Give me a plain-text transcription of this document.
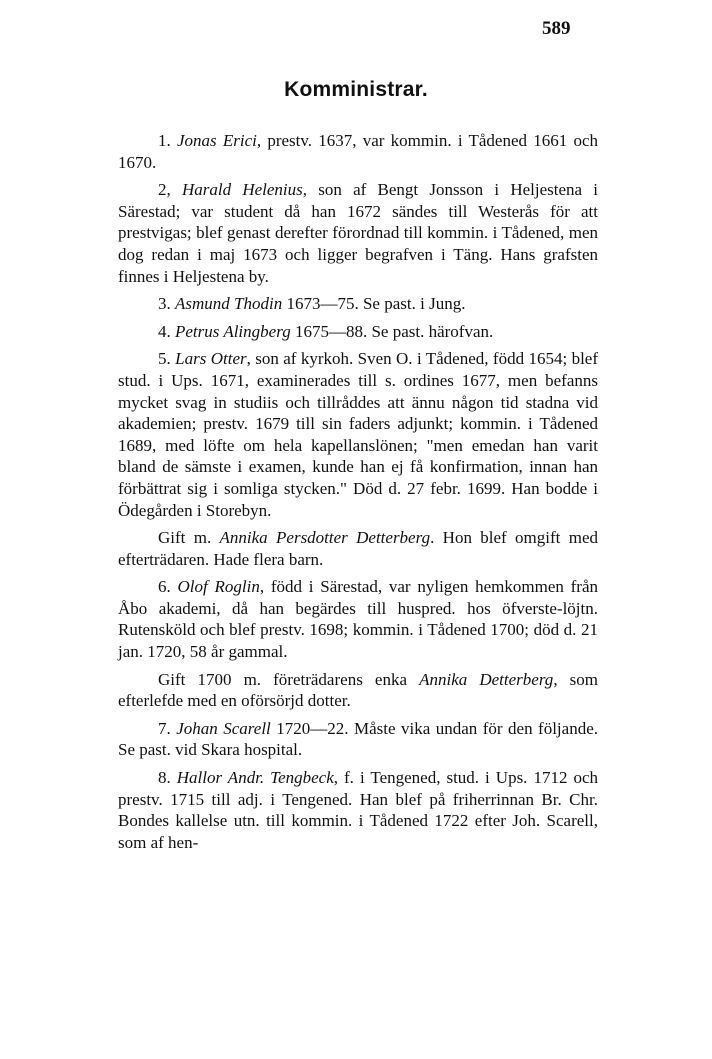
589
Komministrar.

1. Jonas Erici, prestv. 1637, var kommin. i Tådened 1661 och 1670.

2, Harald Helenius, son af Bengt Jonsson i Heljestena i Särestad; var student då han 1672 sändes till Westerås för att prestvigas; blef genast derefter förordnad till kommin. i Tådened, men dog redan i maj 1673 och ligger begrafven i Täng. Hans grafsten finnes i Heljestena by.

3. Asmund Thodin 1673—75. Se past. i Jung.

4. Petrus Alingberg 1675—88. Se past. härofvan.

5. Lars Otter, son af kyrkoh. Sven O. i Tådened, född 1654; blef stud. i Ups. 1671, examinerades till s. ordines 1677, men befanns mycket svag in studiis och tillråddes att ännu någon tid stadna vid akademien; prestv. 1679 till sin faders adjunkt; kommin. i Tådened 1689, med löfte om hela kapellanslönen; "men emedan han varit bland de sämste i examen, kunde han ej få konfirmation, innan han förbättrat sig i somliga stycken." Död d. 27 febr. 1699. Han bodde i Ödegården i Storebyn.

Gift m. Annika Persdotter Detterberg. Hon blef omgift med efterträdaren. Hade flera barn.

6. Olof Roglin, född i Särestad, var nyligen hemkommen från Åbo akademi, då han begärdes till huspred. hos öfverste-löjtn. Rutensköld och blef prestv. 1698; kommin. i Tådened 1700; död d. 21 jan. 1720, 58 år gammal.

Gift 1700 m. företrädarens enka Annika Detterberg, som efterlefde med en oförsörjd dotter.

7. Johan Scarell 1720—22. Måste vika undan för den följande. Se past. vid Skara hospital.

8. Hallor Andr. Tengbeck, f. i Tengened, stud. i Ups. 1712 och prestv. 1715 till adj. i Tengened. Han blef på friherrinnan Br. Chr. Bondes kallelse utn. till kommin. i Tådened 1722 efter Joh. Scarell, som af hen-
